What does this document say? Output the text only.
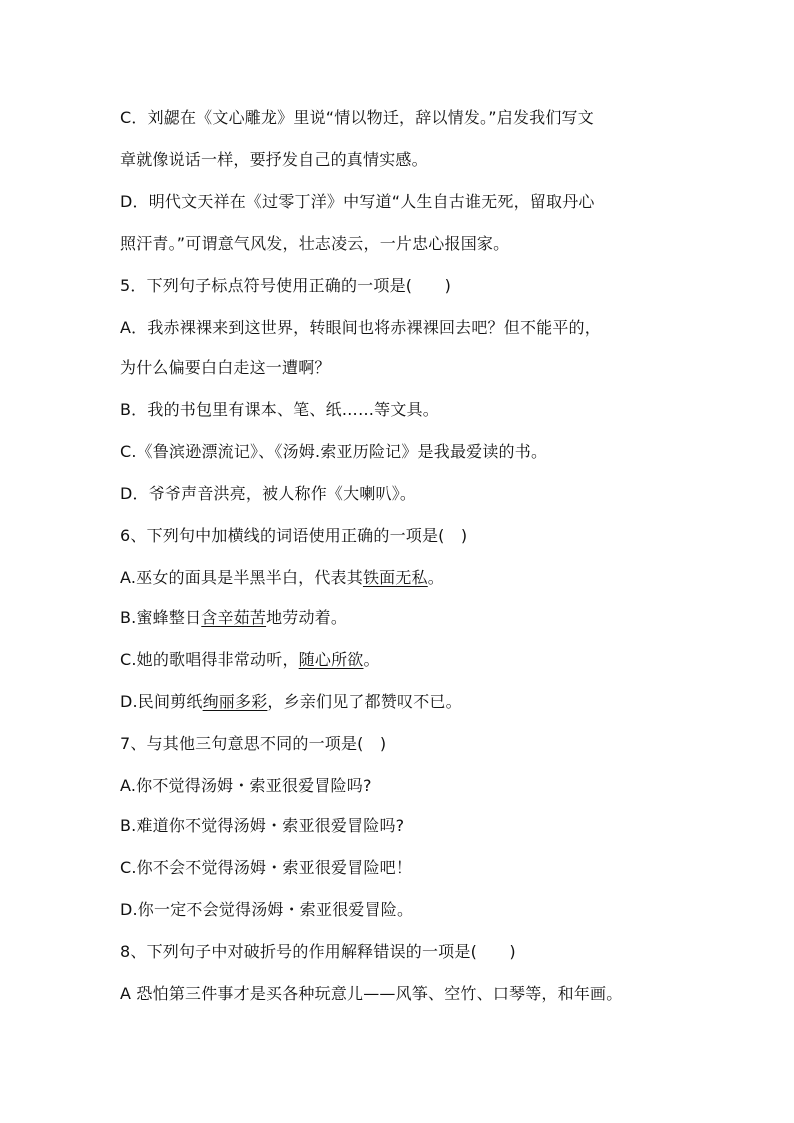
C．刘勰在《文心雕龙》里说“情以物迁，辞以情发。”启发我们写文
章就像说话一样，要抒发自己的真情实感。
D．明代文天祥在《过零丁洋》中写道“人生自古谁无死，留取丹心
照汗青。”可谓意气风发，壮志凌云，一片忠心报国家。
5．下列句子标点符号使用正确的一项是(　　)
A．我赤裸裸来到这世界，转眼间也将赤裸裸回去吧？但不能平的，
为什么偏要白白走这一遭啊？
B．我的书包里有课本、笔、纸……等文具。
C.《鲁滨逊漂流记》、《汤姆.索亚历险记》是我最爱读的书。
D．爷爷声音洪亮，被人称作《大喇叭》。
6、下列句中加横线的词语使用正确的一项是(　)
A.巫女的面具是半黑半白，代表其铁面无私。
B.蜜蜂整日含辛茹苦地劳动着。
C.她的歌唱得非常动听，随心所欲。
D.民间剪纸绚丽多彩，乡亲们见了都赞叹不已。
7、与其他三句意思不同的一项是(　)
A.你不觉得汤姆・索亚很爱冒险吗?
B.难道你不觉得汤姆・索亚很爱冒险吗?
C.你不会不觉得汤姆・索亚很爱冒险吧！
D.你一定不会觉得汤姆・索亚很爱冒险。
8、下列句子中对破折号的作用解释错误的一项是(　　)
A 恐怕第三件事才是买各种玩意儿——风筝、空竹、口琴等，和年画。
